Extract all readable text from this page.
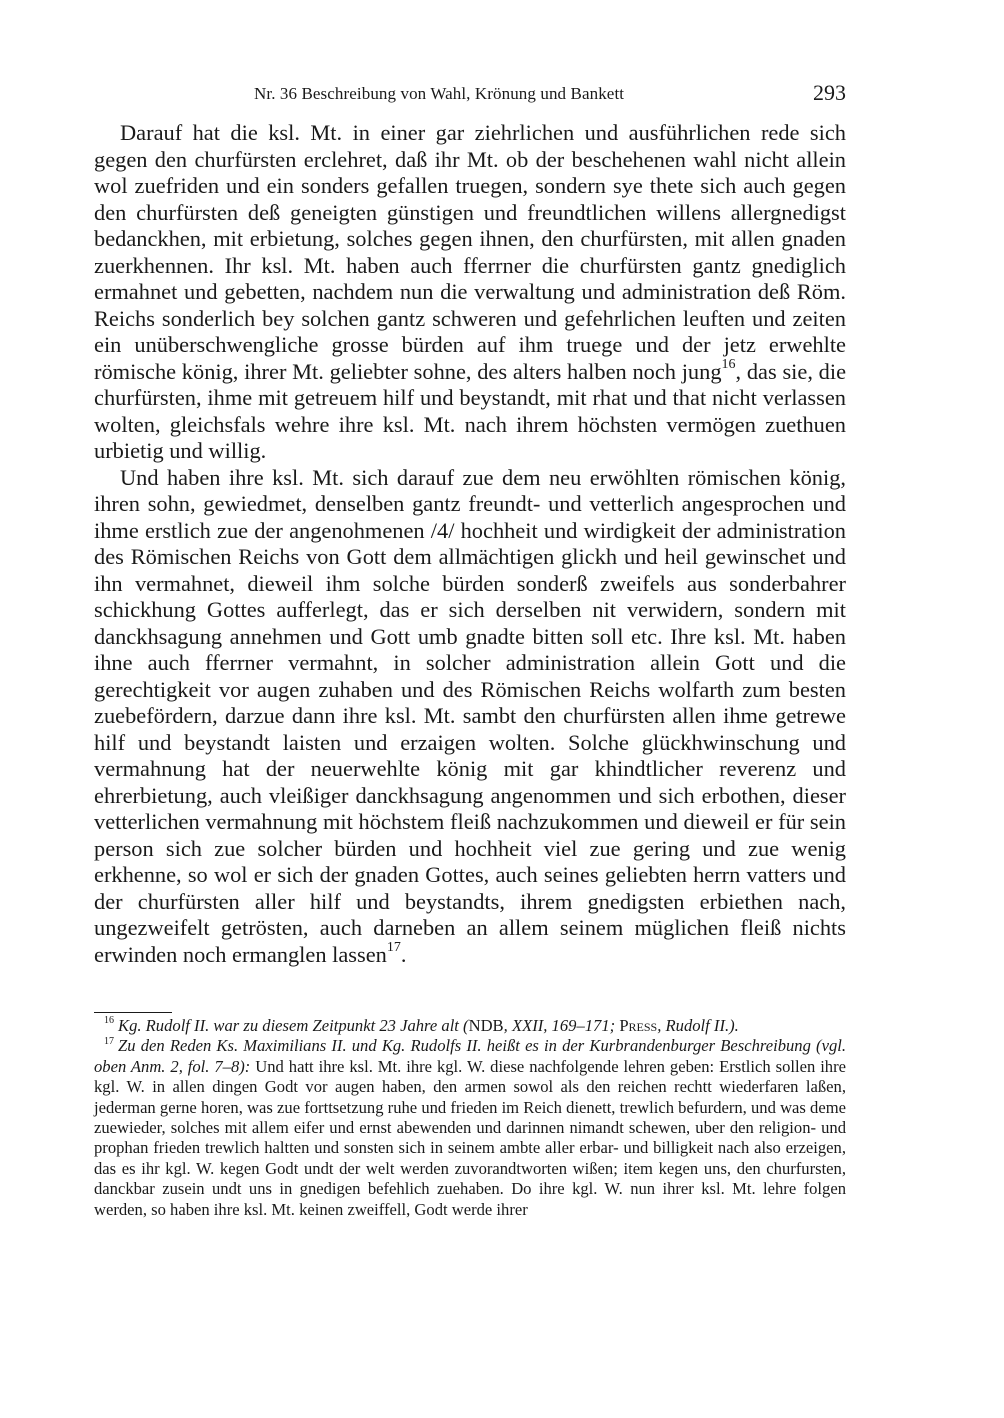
Nr. 36 Beschreibung von Wahl, Krönung und Bankett	293

Darauf hat die ksl. Mt. in einer gar ziehrlichen und ausführlichen rede sich gegen den churfürsten erclehret, daß ihr Mt. ob der beschehenen wahl nicht allein wol zuefriden und ein sonders gefallen truegen, sondern sye thete sich auch gegen den churfürsten deß geneigten günstigen und freundtlichen willens allergnedigst bedanckhen, mit erbietung, solches gegen ihnen, den churfürsten, mit allen gnaden zuerkhennen. Ihr ksl. Mt. haben auch fferrner die churfürsten gantz gnediglich ermahnet und gebetten, nachdem nun die verwaltung und administration deß Röm. Reichs sonderlich bey solchen gantz schweren und gefehrlichen leuften und zeiten ein unüberschwengliche grosse bürden auf ihm truege und der jetz erwehlte römische könig, ihrer Mt. geliebter sohne, des alters halben noch jung$^{16}$, das sie, die churfürsten, ihme mit getreuem hilf und beystandt, mit rhat und that nicht verlassen wolten, gleichsfals wehre ihre ksl. Mt. nach ihrem höchsten vermögen zuethuen urbietig und willig.

Und haben ihre ksl. Mt. sich darauf zue dem neu erwöhlten römischen könig, ihren sohn, gewiedmet, denselben gantz freundt- und vetterlich angesprochen und ihme erstlich zue der angenohmenen /4/ hochheit und wirdigkeit der administration des Römischen Reichs von Gott dem allmächtigen glickh und heil gewinschet und ihn vermahnet, dieweil ihm solche bürden sonderß zweifels aus sonderbahrer schickhung Gottes aufferlegt, das er sich derselben nit verwidern, sondern mit danckhsagung annehmen und Gott umb gnadte bitten soll etc. Ihre ksl. Mt. haben ihne auch fferrner vermahnt, in solcher administration allein Gott und die gerechtigkeit vor augen zuhaben und des Römischen Reichs wolfarth zum besten zuebefördern, darzue dann ihre ksl. Mt. sambt den churfürsten allen ihme getrewe hilf und beystandt laisten und erzaigen wolten. Solche glückhwinschung und vermahnung hat der neuerwehlte könig mit gar khindtlicher reverenz und ehrerbietung, auch vleißiger danckhsagung angenommen und sich erbothen, dieser vetterlichen vermahnung mit höchstem fleiß nachzukommen und dieweil er für sein person sich zue solcher bürden und hochheit viel zue gering und zue wenig erkhenne, so wol er sich der gnaden Gottes, auch seines geliebten herrn vatters und der churfürsten aller hilf und beystandts, ihrem gnedigsten erbiethen nach, ungezweifelt getrösten, auch darneben an allem seinem müglichen fleiß nichts erwinden noch ermanglen lassen$^{17}$.

$^{16}$ Kg. Rudolf II. war zu diesem Zeitpunkt 23 Jahre alt (NDB, XXII, 169–171; Press, Rudolf II.).

$^{17}$ Zu den Reden Ks. Maximilians II. und Kg. Rudolfs II. heißt es in der Kurbrandenburger Beschreibung (vgl. oben Anm. 2, fol. 7–8): Und hatt ihre ksl. Mt. ihre kgl. W. diese nachfolgende lehren geben: Erstlich sollen ihre kgl. W. in allen dingen Godt vor augen haben, den armen sowol als den reichen rechtt wiederfaren laßen, jederman gerne horen, was zue forttsetzung ruhe und frieden im Reich dienett, trewlich befurdern, und was deme zuewieder, solches mit allem eifer und ernst abewenden und darinnen nimandt schewen, uber den religion- und prophan frieden trewlich haltten und sonsten sich in seinem ambte aller erbar- und billigkeit nach also erzeigen, das es ihr kgl. W. kegen Godt undt der welt werden zuvorandtworten wißen; item kegen uns, den churfursten, danckbar zusein undt uns in gnedigen befehlich zuehaben. Do ihre kgl. W. nun ihrer ksl. Mt. lehre folgen werden, so haben ihre ksl. Mt. keinen zweiffell, Godt werde ihrer
